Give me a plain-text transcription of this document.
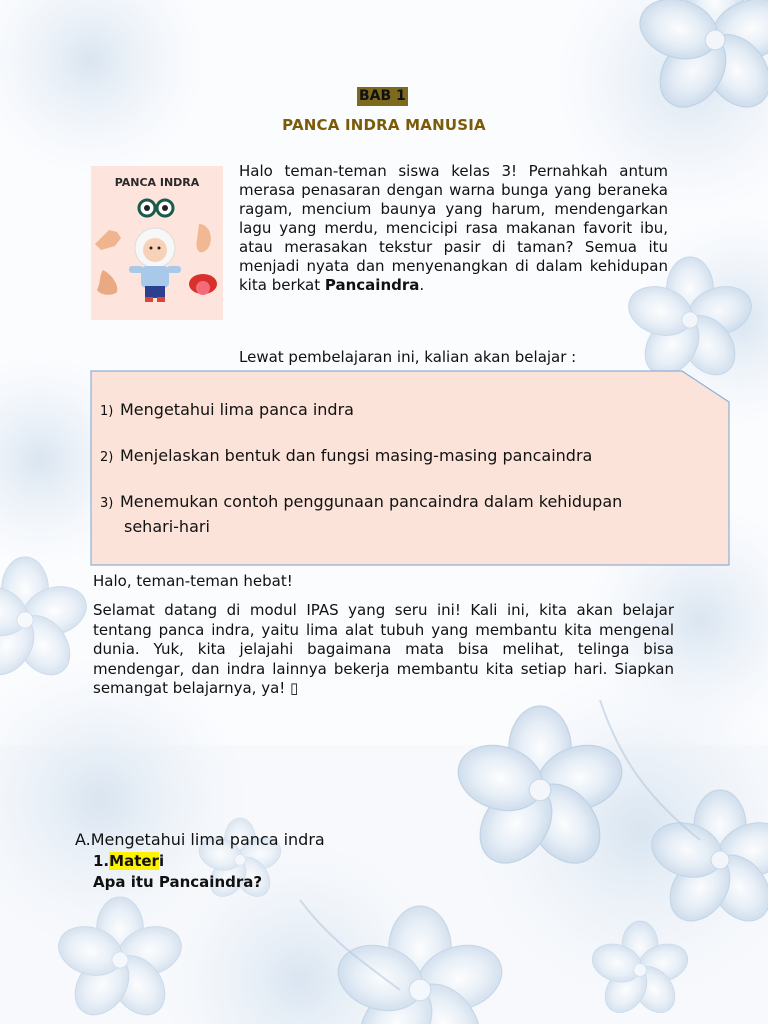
BAB 1
PANCA INDRA MANUSIA
PANCA INDRA

Halo teman-teman siswa kelas 3! Pernahkah antum merasa penasaran dengan warna bunga yang beraneka ragam, mencium baunya yang harum, mendengarkan lagu yang merdu, mencicipi rasa makanan favorit ibu, atau merasakan tekstur pasir di taman? Semua itu menjadi nyata dan menyenangkan di dalam kehidupan kita berkat Pancaindra.

Lewat pembelajaran ini, kalian akan belajar :
1) Mengetahui lima panca indra
2) Menjelaskan bentuk dan fungsi masing-masing pancaindra
3) Menemukan contoh penggunaan pancaindra dalam kehidupan
sehari-hari
Halo, teman-teman hebat!

Selamat datang di modul IPAS yang seru ini! Kali ini, kita akan belajar tentang panca indra, yaitu lima alat tubuh yang membantu kita mengenal dunia. Yuk, kita jelajahi bagaimana mata bisa melihat, telinga bisa mendengar, dan indra lainnya bekerja membantu kita setiap hari. Siapkan semangat belajarnya, ya! ▯

A.Mengetahui lima panca indra
1.Materi
Apa itu Pancaindra?
